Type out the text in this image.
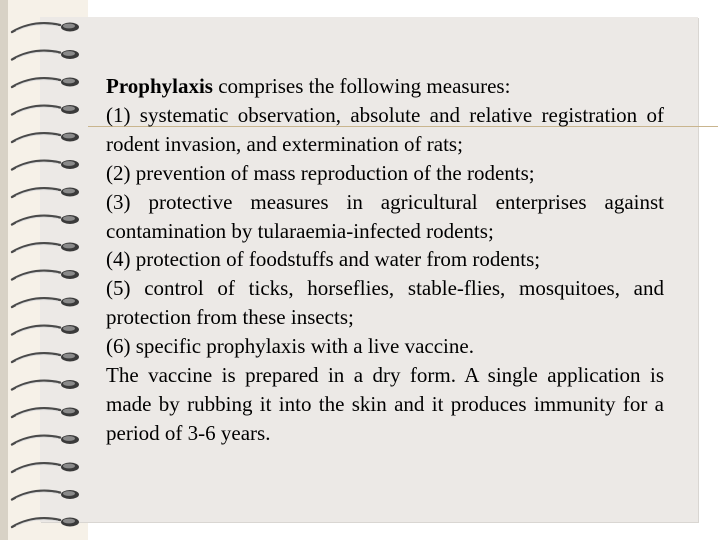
Prophylaxis comprises the following measures:

(1) systematic observation, absolute and relative registration of rodent invasion, and extermination of rats;

(2) prevention of mass reproduction of the rodents;

(3) protective measures in agricultural enterprises against contamination by tularaemia-infected rodents;

(4) protection of foodstuffs and water from rodents;

(5) control of ticks, horseflies, stable-flies, mosquitoes, and protection from these insects;

(6) specific prophylaxis with a live vaccine.

The vaccine is prepared in a dry form. A single application is made by rubbing it into the skin and it produces immunity for a period of 3-6 years.
